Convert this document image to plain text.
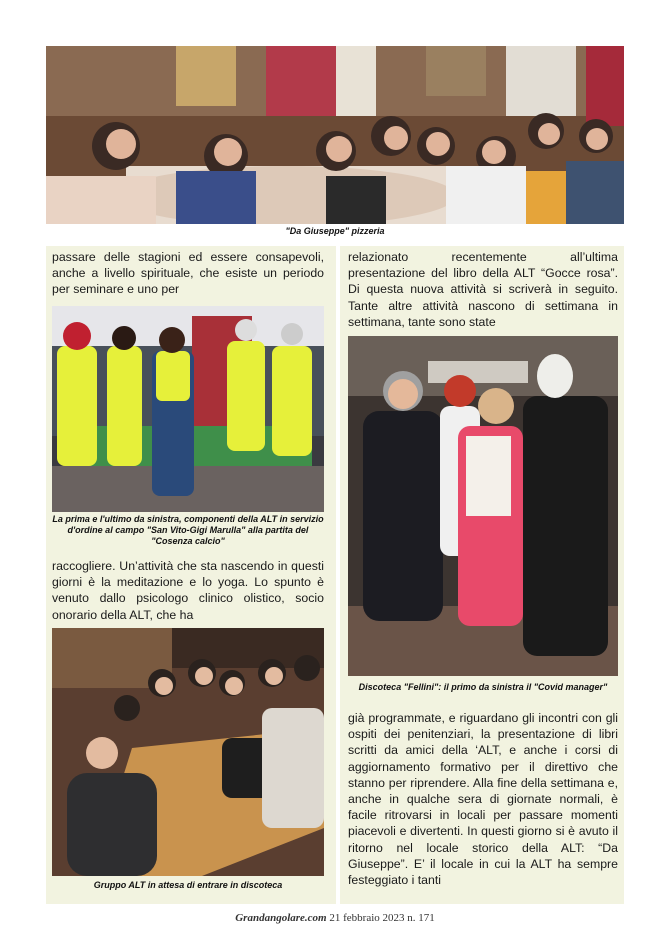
"Da Giuseppe" pizzeria

passare delle stagioni ed essere consapevoli, anche a livello spirituale, che esiste un periodo per seminare e uno per

La prima e l'ultimo da sinistra, componenti della ALT in servizio d'ordine al campo "San Vito-Gigi Marulla" alla partita del "Cosenza calcio"

raccogliere. Un’attività che sta nascendo in questi giorni è la meditazione e lo yoga. Lo spunto è venuto dallo psicologo clinico olistico, socio onorario della ALT, che ha

Gruppo ALT in attesa di entrare in discoteca

relazionato recentemente all’ultima presentazione del libro della ALT “Gocce rosa”. Di questa nuova attività si scriverà in seguito. Tante altre attività nascono di settimana in settimana, tante sono state

Discoteca "Fellini": il primo da sinistra il "Covid manager"

già programmate, e riguardano gli incontri con gli ospiti dei penitenziari, la presentazione di libri scritti da amici della ‘ALT, e anche i corsi di aggiornamento formativo per il direttivo che stanno per riprendere. Alla fine della settimana e, anche in qualche sera di giornate normali, è facile ritrovarsi in locali per passare momenti piacevoli e divertenti. In questi giorno si è avuto il ritorno nel locale storico della ALT: “Da Giuseppe”. E’ il locale in cui la ALT ha sempre festeggiato i tanti

Grandangolare.com 21 febbraio 2023 n. 171
